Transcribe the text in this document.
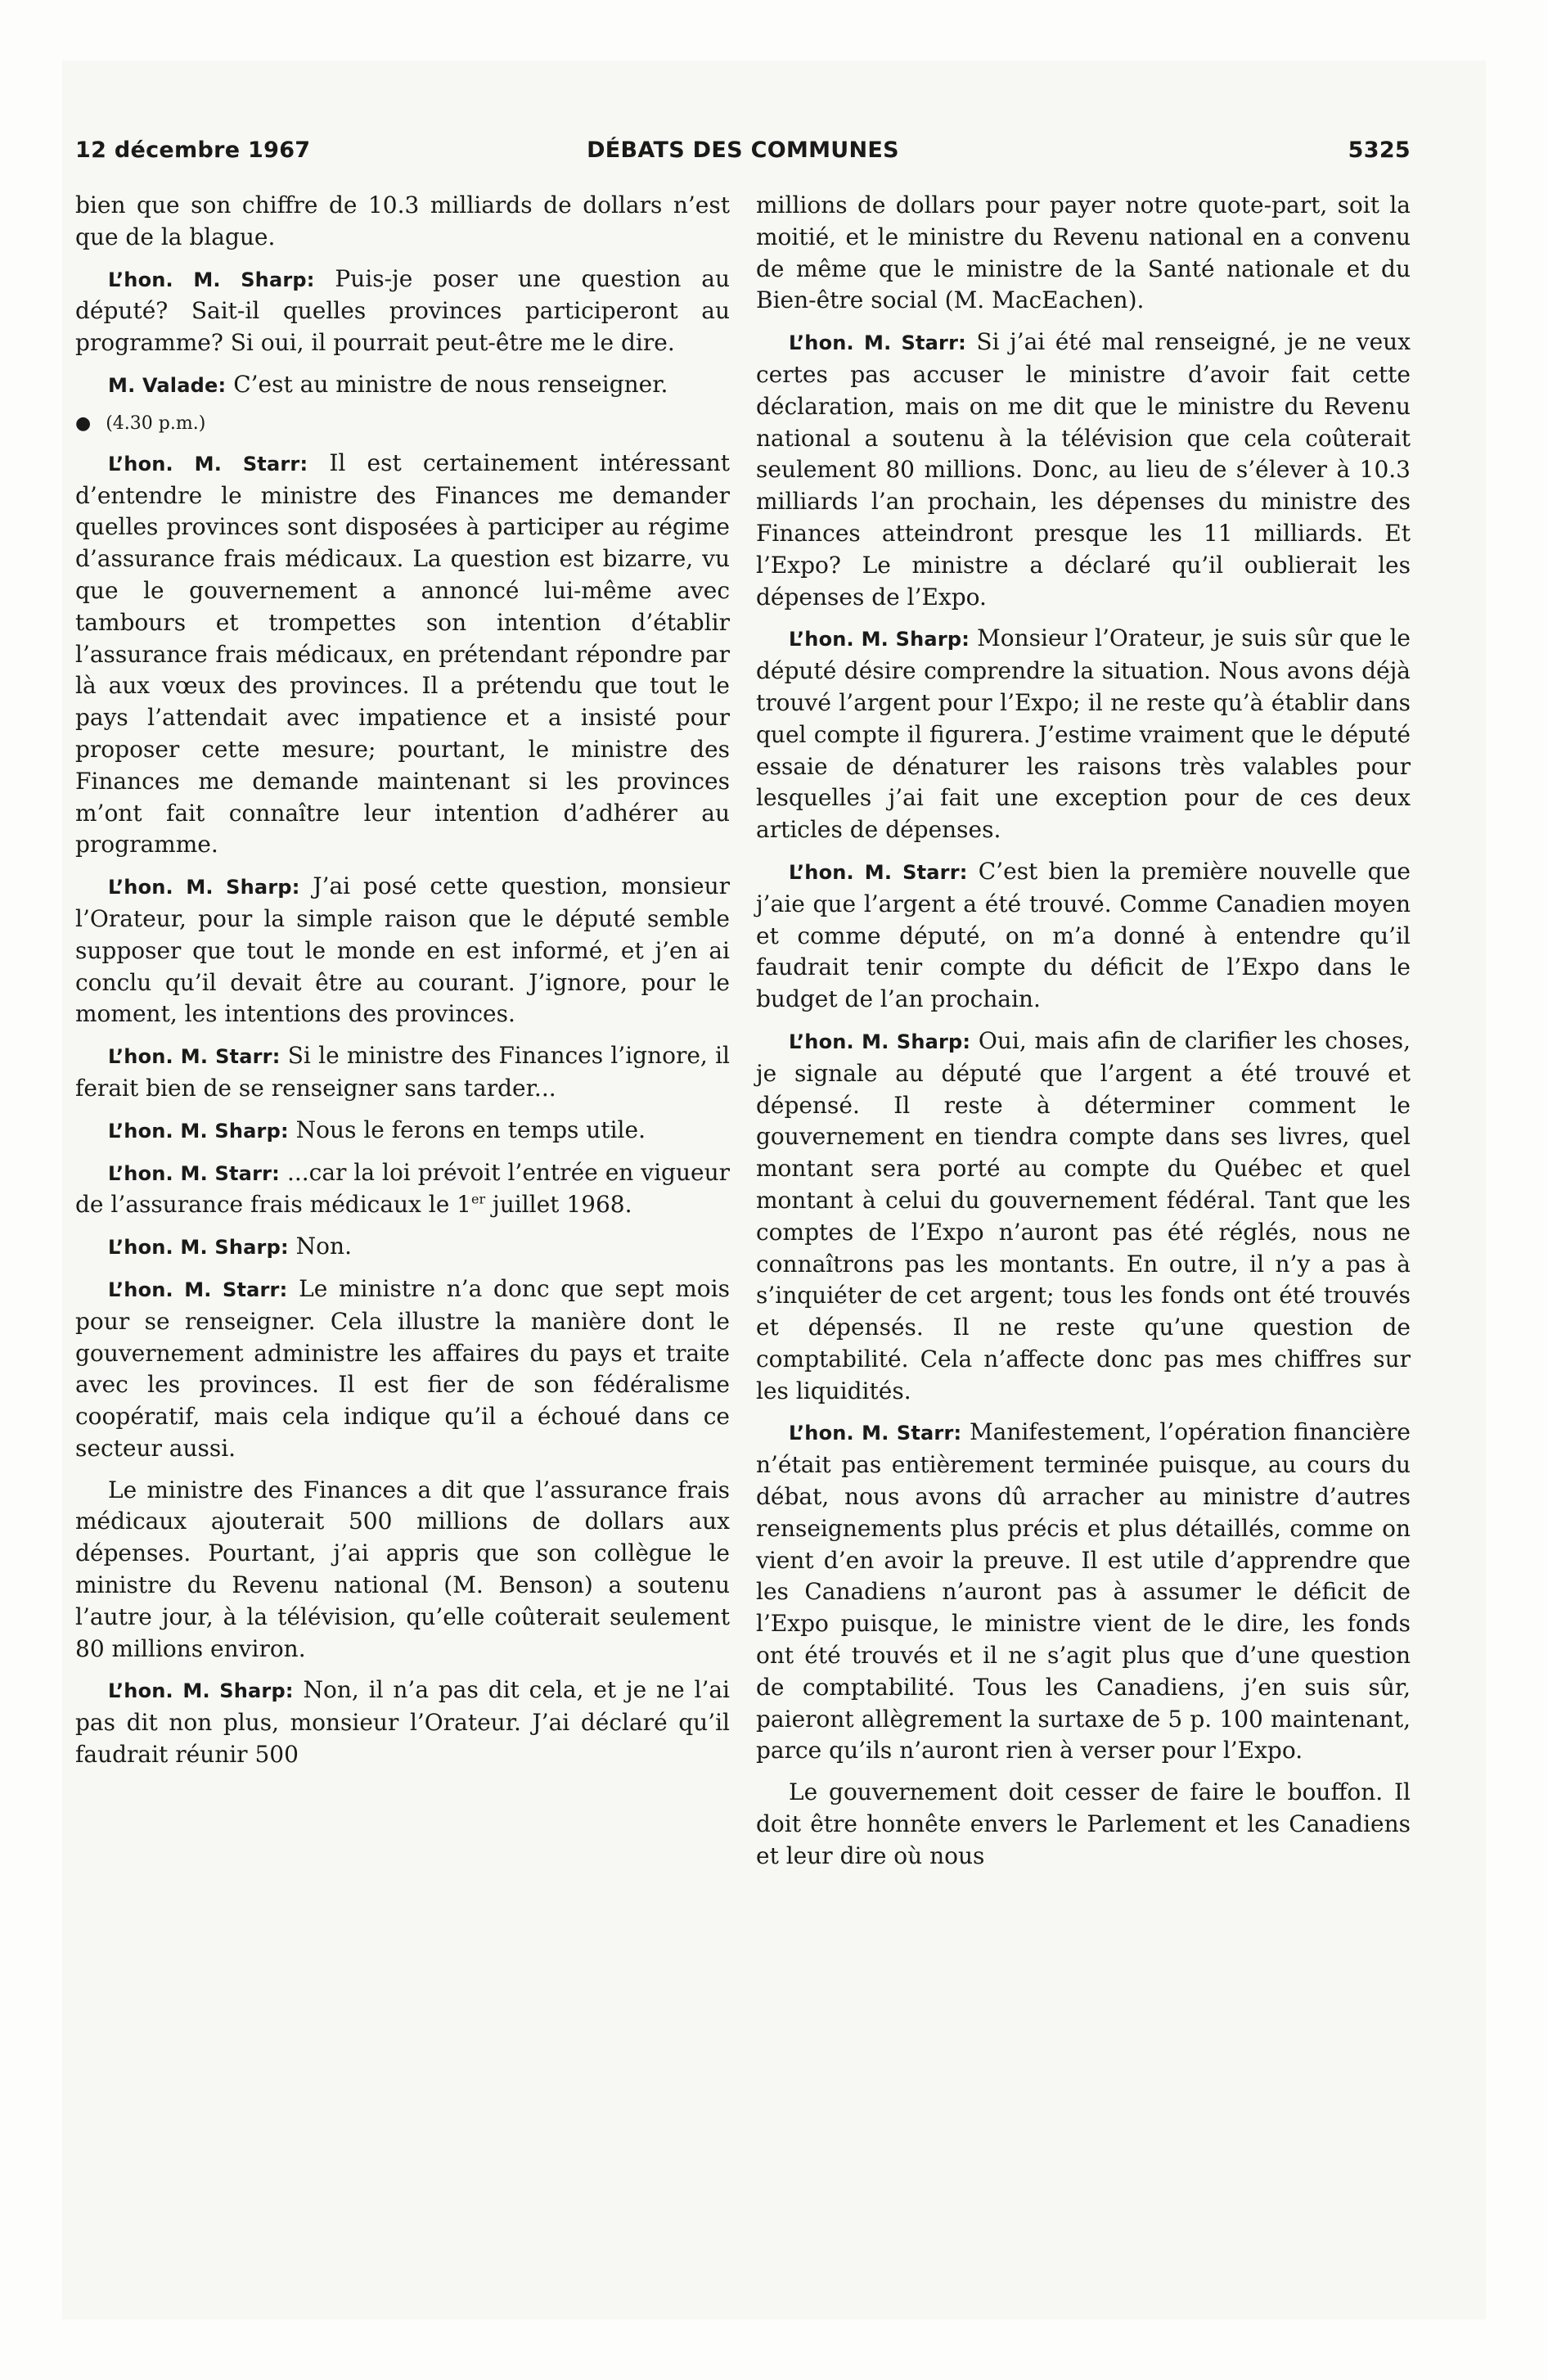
12 décembre 1967	DÉBATS DES COMMUNES	5325

bien que son chiffre de 10.3 milliards de dollars n’est que de la blague.

L’hon. M. Sharp: Puis-je poser une question au député? Sait-il quelles provinces participeront au programme? Si oui, il pourrait peut-être me le dire.

M. Valade: C’est au ministre de nous renseigner.

● (4.30 p.m.)

L’hon. M. Starr: Il est certainement intéressant d’entendre le ministre des Finances me demander quelles provinces sont disposées à participer au régime d’assurance frais médicaux. La question est bizarre, vu que le gouvernement a annoncé lui-même avec tambours et trompettes son intention d’établir l’assurance frais médicaux, en prétendant répondre par là aux vœux des provinces. Il a prétendu que tout le pays l’attendait avec impatience et a insisté pour proposer cette mesure; pourtant, le ministre des Finances me demande maintenant si les provinces m’ont fait connaître leur intention d’adhérer au programme.

L’hon. M. Sharp: J’ai posé cette question, monsieur l’Orateur, pour la simple raison que le député semble supposer que tout le monde en est informé, et j’en ai conclu qu’il devait être au courant. J’ignore, pour le moment, les intentions des provinces.

L’hon. M. Starr: Si le ministre des Finances l’ignore, il ferait bien de se renseigner sans tarder...

L’hon. M. Sharp: Nous le ferons en temps utile.

L’hon. M. Starr: ...car la loi prévoit l’entrée en vigueur de l’assurance frais médicaux le 1er juillet 1968.

L’hon. M. Sharp: Non.

L’hon. M. Starr: Le ministre n’a donc que sept mois pour se renseigner. Cela illustre la manière dont le gouvernement administre les affaires du pays et traite avec les provinces. Il est fier de son fédéralisme coopératif, mais cela indique qu’il a échoué dans ce secteur aussi.

Le ministre des Finances a dit que l’assurance frais médicaux ajouterait 500 millions de dollars aux dépenses. Pourtant, j’ai appris que son collègue le ministre du Revenu national (M. Benson) a soutenu l’autre jour, à la télévision, qu’elle coûterait seulement 80 millions environ.

L’hon. M. Sharp: Non, il n’a pas dit cela, et je ne l’ai pas dit non plus, monsieur l’Orateur. J’ai déclaré qu’il faudrait réunir 500

millions de dollars pour payer notre quote-part, soit la moitié, et le ministre du Revenu national en a convenu de même que le ministre de la Santé nationale et du Bien-être social (M. MacEachen).

L’hon. M. Starr: Si j’ai été mal renseigné, je ne veux certes pas accuser le ministre d’avoir fait cette déclaration, mais on me dit que le ministre du Revenu national a soutenu à la télévision que cela coûterait seulement 80 millions. Donc, au lieu de s’élever à 10.3 milliards l’an prochain, les dépenses du ministre des Finances atteindront presque les 11 milliards. Et l’Expo? Le ministre a déclaré qu’il oublierait les dépenses de l’Expo.

L’hon. M. Sharp: Monsieur l’Orateur, je suis sûr que le député désire comprendre la situation. Nous avons déjà trouvé l’argent pour l’Expo; il ne reste qu’à établir dans quel compte il figurera. J’estime vraiment que le député essaie de dénaturer les raisons très valables pour lesquelles j’ai fait une exception pour de ces deux articles de dépenses.

L’hon. M. Starr: C’est bien la première nouvelle que j’aie que l’argent a été trouvé. Comme Canadien moyen et comme député, on m’a donné à entendre qu’il faudrait tenir compte du déficit de l’Expo dans le budget de l’an prochain.

L’hon. M. Sharp: Oui, mais afin de clarifier les choses, je signale au député que l’argent a été trouvé et dépensé. Il reste à déterminer comment le gouvernement en tiendra compte dans ses livres, quel montant sera porté au compte du Québec et quel montant à celui du gouvernement fédéral. Tant que les comptes de l’Expo n’auront pas été réglés, nous ne connaîtrons pas les montants. En outre, il n’y a pas à s’inquiéter de cet argent; tous les fonds ont été trouvés et dépensés. Il ne reste qu’une question de comptabilité. Cela n’affecte donc pas mes chiffres sur les liquidités.

L’hon. M. Starr: Manifestement, l’opération financière n’était pas entièrement terminée puisque, au cours du débat, nous avons dû arracher au ministre d’autres renseignements plus précis et plus détaillés, comme on vient d’en avoir la preuve. Il est utile d’apprendre que les Canadiens n’auront pas à assumer le déficit de l’Expo puisque, le ministre vient de le dire, les fonds ont été trouvés et il ne s’agit plus que d’une question de comptabilité. Tous les Canadiens, j’en suis sûr, paieront allègrement la surtaxe de 5 p. 100 maintenant, parce qu’ils n’auront rien à verser pour l’Expo.

Le gouvernement doit cesser de faire le bouffon. Il doit être honnête envers le Parlement et les Canadiens et leur dire où nous
